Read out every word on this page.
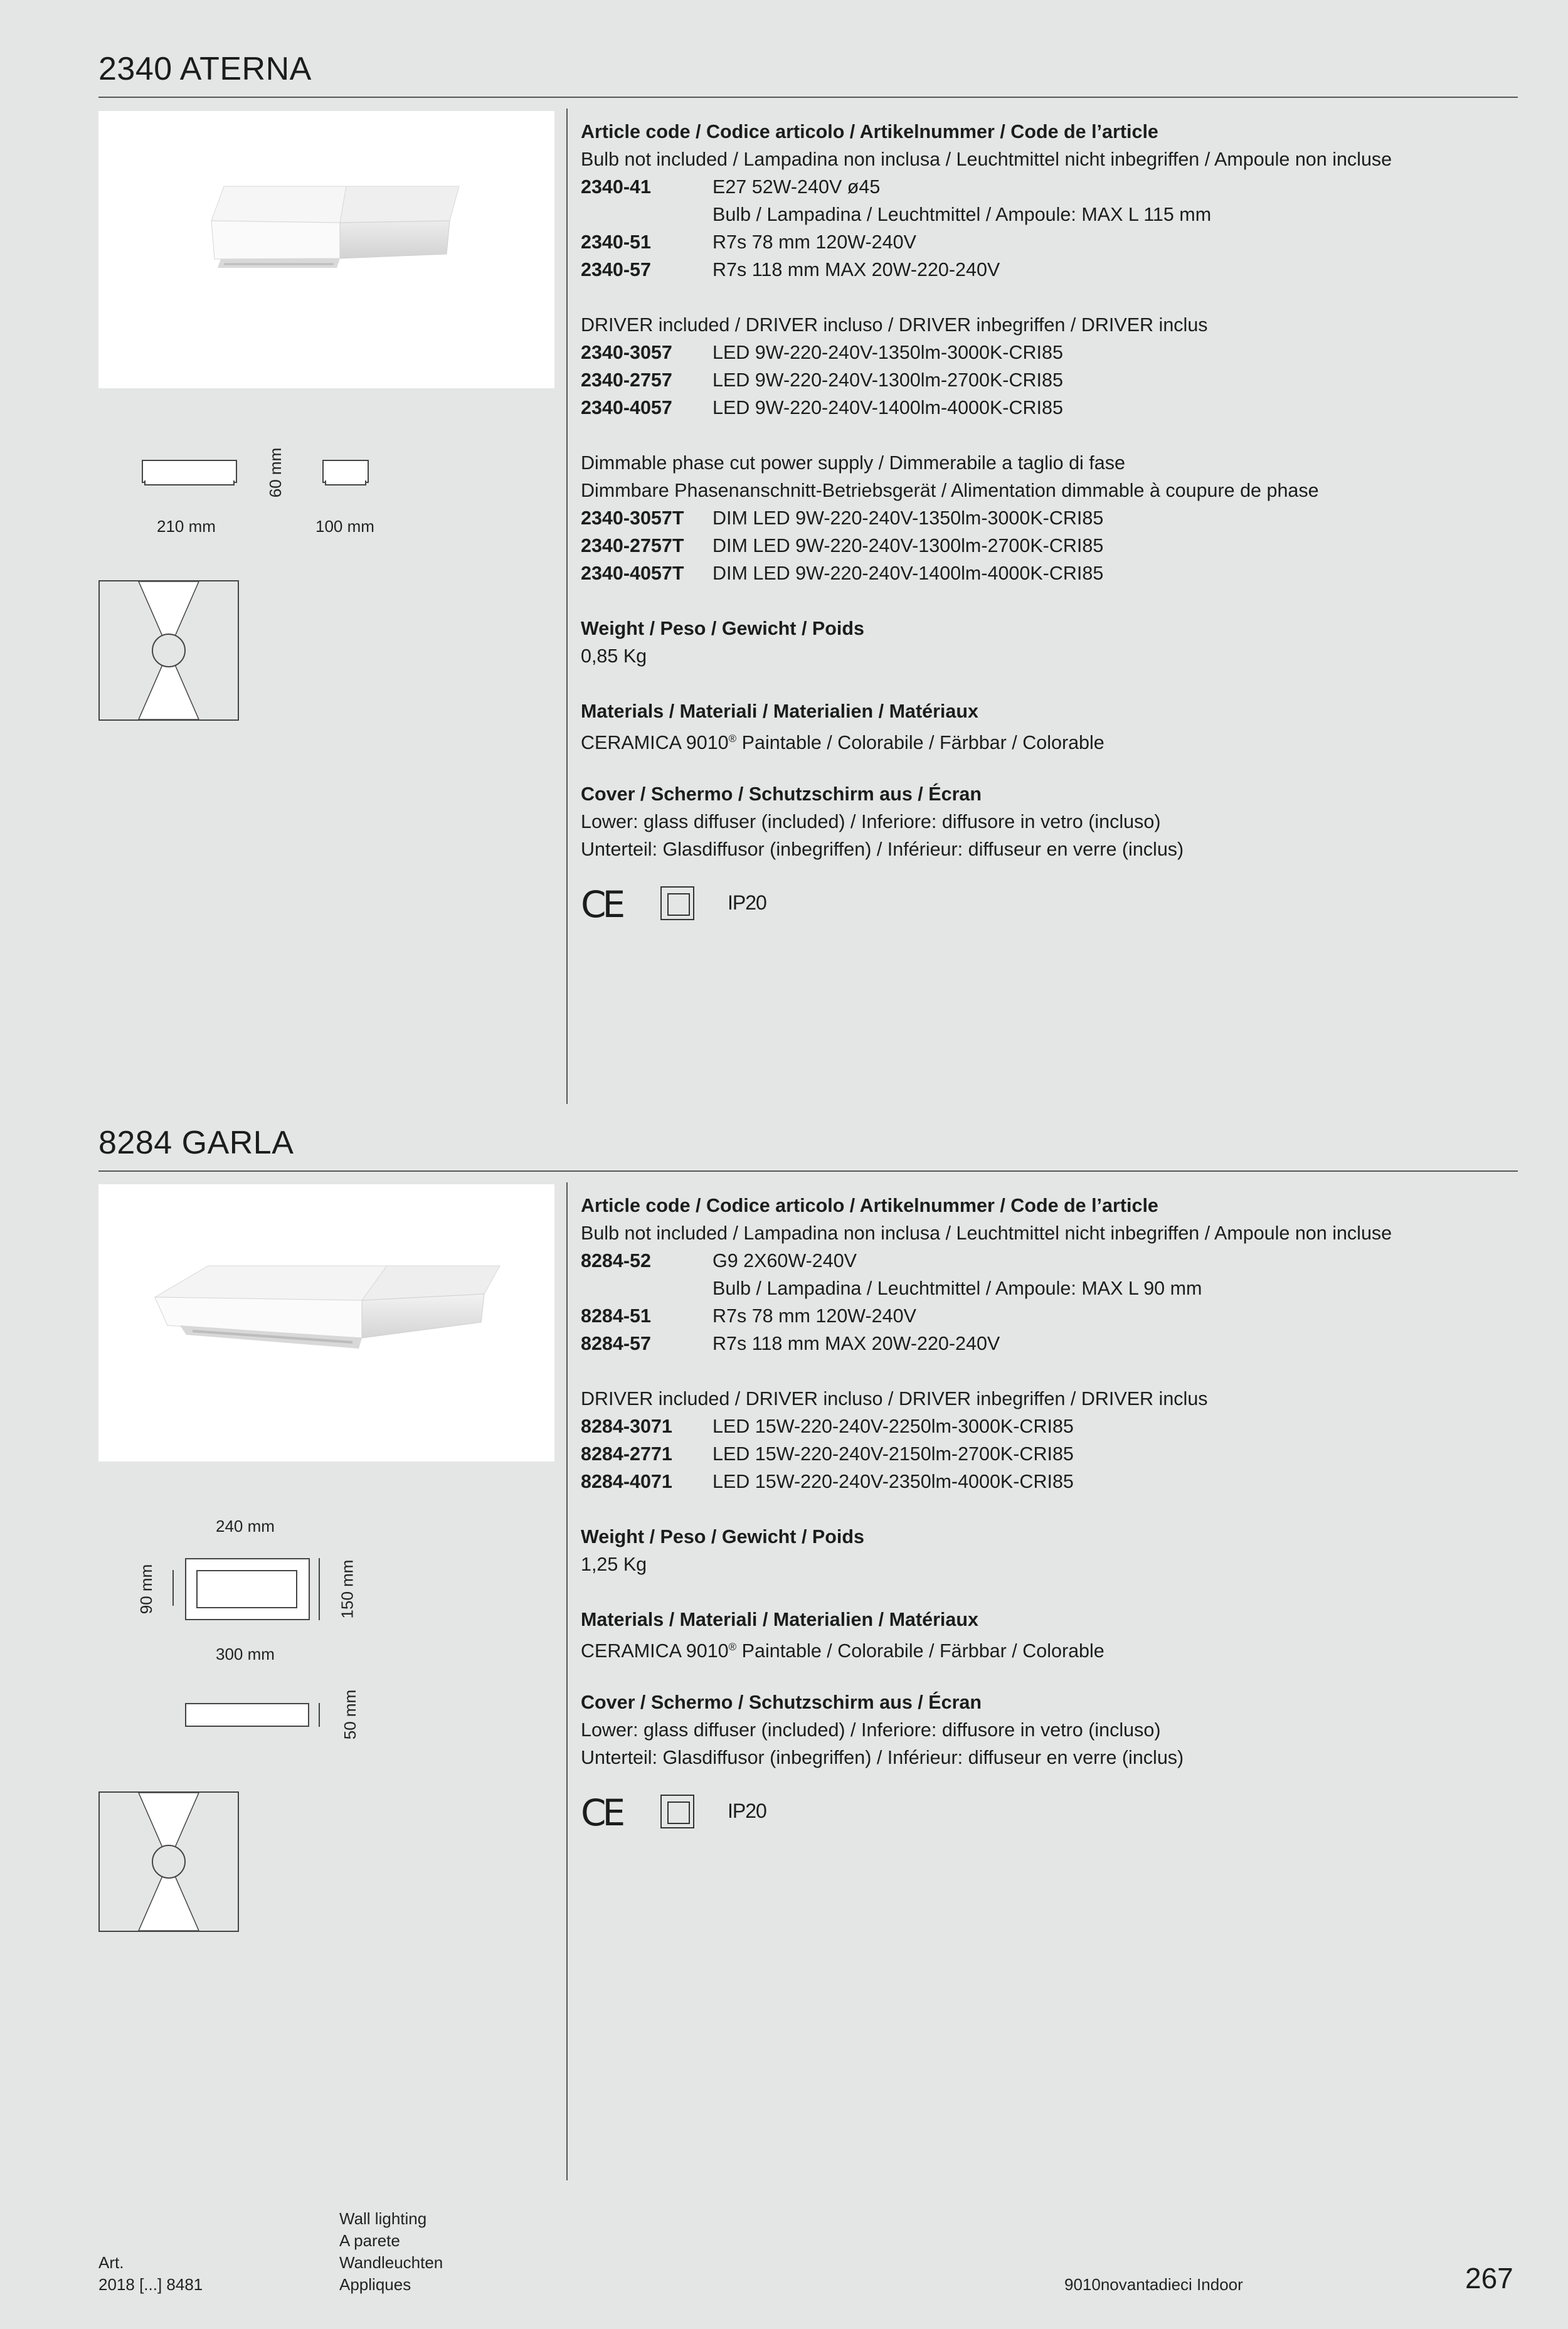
2340 ATERNA
210 mm	100 mm
60 mm
Article code / Codice articolo / Artikelnummer / Code de l’article
Bulb not included / Lampadina non inclusa / Leuchtmittel nicht inbegriffen / Ampoule non incluse
2340-41	E27 52W-240V ø45
Bulb / Lampadina / Leuchtmittel / Ampoule: MAX L 115 mm
2340-51	R7s 78 mm 120W-240V
2340-57	R7s 118 mm MAX 20W-220-240V
DRIVER included / DRIVER incluso / DRIVER inbegriffen / DRIVER inclus
2340-3057 LED 9W-220-240V-1350lm-3000K-CRI85
2340-2757 LED 9W-220-240V-1300lm-2700K-CRI85
2340-4057 LED 9W-220-240V-1400lm-4000K-CRI85
Dimmable phase cut power supply / Dimmerabile a taglio di fase
Dimmbare Phasenanschnitt-Betriebsgerät / Alimentation dimmable à coupure de phase
2340-3057T DIM LED 9W-220-240V-1350lm-3000K-CRI85
2340-2757T DIM LED 9W-220-240V-1300lm-2700K-CRI85
2340-4057T DIM LED 9W-220-240V-1400lm-4000K-CRI85
Weight / Peso / Gewicht / Poids
0,85 Kg
Materials / Materiali / Materialien / Matériaux
CERAMICA 9010® Paintable / Colorabile / Färbbar / Colorable
Cover / Schermo / Schutzschirm aus / Écran
Lower: glass diffuser (included) / Inferiore: diffusore in vetro (incluso)
Unterteil: Glasdiffusor (inbegriffen) / Inférieur: diffuseur en verre (inclus)
CE	IP20
8284 GARLA
240 mm
90 mm	150 mm
300 mm
50 mm
Article code / Codice articolo / Artikelnummer / Code de l’article
Bulb not included / Lampadina non inclusa / Leuchtmittel nicht inbegriffen / Ampoule non incluse
8284-52	G9 2X60W-240V
Bulb / Lampadina / Leuchtmittel / Ampoule: MAX L 90 mm
8284-51	R7s 78 mm 120W-240V
8284-57	R7s 118 mm MAX 20W-220-240V
DRIVER included / DRIVER incluso / DRIVER inbegriffen / DRIVER inclus
8284-3071 LED 15W-220-240V-2250lm-3000K-CRI85
8284-2771 LED 15W-220-240V-2150lm-2700K-CRI85
8284-4071 LED 15W-220-240V-2350lm-4000K-CRI85
Weight / Peso / Gewicht / Poids
1,25 Kg
Materials / Materiali / Materialien / Matériaux
CERAMICA 9010® Paintable / Colorabile / Färbbar / Colorable
Cover / Schermo / Schutzschirm aus / Écran
Lower: glass diffuser (included) / Inferiore: diffusore in vetro (incluso)
Unterteil: Glasdiffusor (inbegriffen) / Inférieur: diffuseur en verre (inclus)
CE	IP20
Art.
2018 [...] 8481
Wall lighting
A parete
Wandleuchten
Appliques	9010novantadieci Indoor	267
